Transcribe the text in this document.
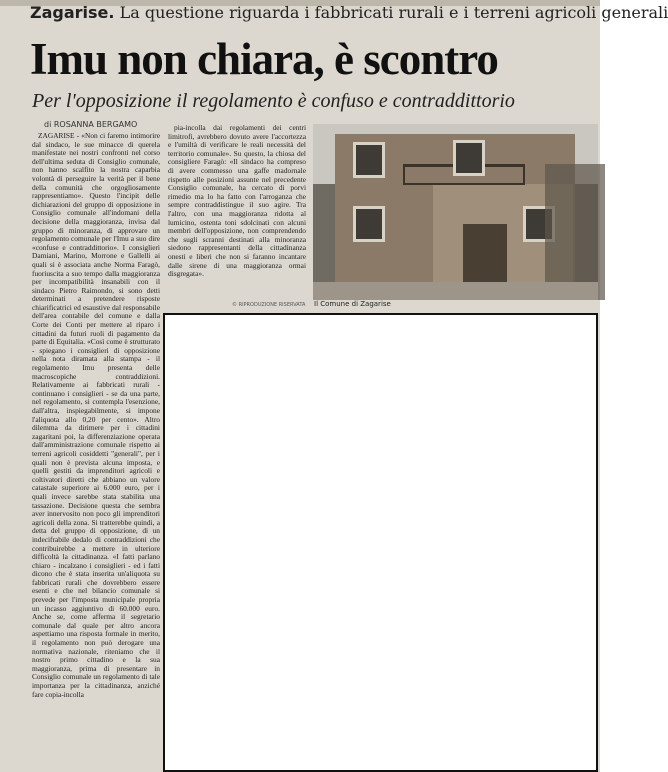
Zagarise. La questione riguarda i fabbricati rurali e i terreni agricoli generali
Imu non chiara, è scontro
Per l'opposizione il regolamento è confuso e contraddittorio
di ROSANNA BERGAMO

ZAGARISE - «Non ci faremo intimorire dal sindaco, le sue minacce di querela manifestate nei nostri confronti nel corso dell'ultima seduta di Consiglio comunale, non hanno scalfito la nostra caparbia volontà di perseguire la verità per il bene della comunità che orgogliosamente rappresentiamo». Questo l'incipit delle dichiarazioni del gruppo di opposizione in Consiglio comunale all'indomani della decisione della maggioranza, invisa dal gruppo di minoranza, di approvare un regolamento comunale per l'Imu a suo dire «confuse e contraddittorio». I consiglieri Damiani, Marino, Morrone e Gallelli ai quali si è associata anche Norma Faragò, fuoriuscita a suo tempo dalla maggioranza per incompatibilità insanabili con il sindaco Pietro Raimondo, si sono detti determinati a pretendere risposte chiarificatrici ed esaustive dal responsabile dell'area contabile del comune e dalla Corte dei Conti per mettere al riparo i cittadini da futuri ruoli di pagamento da parte di Equitalia. «Così come è strutturato - spiegano i consiglieri di opposizione nella nota diramata alla stampa - il regolamento Imu presenta delle macroscopiche contraddizioni. Relativamente ai fabbricati rurali - continuano i consiglieri - se da una parte, nel regolamento, si contempla l'esenzione, dall'altra, inspiegabilmente, si impone l'aliquota allo 0,20 per cento». Altro dilemma da dirimere per i cittadini zagaritani poi, la differenziazione operata dall'amministrazione comunale rispetto ai terreni agricoli cosiddetti "generali", per i quali non è prevista alcuna imposta, e quelli gestiti da imprenditori agricoli e coltivatori diretti che abbiano un valore catastale superiore ai 6.000 euro, per i quali invece sarebbe stata stabilita una tassazione. Decisione questa che sembra aver innervosito non poco gli imprenditori agricoli della zona. Si tratterebbe quindi, a detta del gruppo di opposizione, di un indecifrabile dedalo di contraddizioni che contribuirebbe a mettere in ulteriore difficoltà la cittadinanza. «I fatti parlano chiaro - incalzano i consiglieri - ed i fatti dicono che è stata inserita un'aliquota su fabbricati rurali che dovrebbero essere esenti e che nel bilancio comunale si prevede per l'imposta municipale propria un incasso aggiuntivo di 60.000 euro. Anche se, come afferma il segretario comunale dal quale per altro ancora aspettiamo una risposta formale in merito, il regolamento non può derogare una normativa nazionale, riteniamo che il nostro primo cittadino e la sua maggioranza, prima di presentare in Consiglio comunale un regolamento di tale importanza per la cittadinanza, anziché fare copia-incolla

pia-incolla dai regolamenti dei centri limitrofi, avrebbero dovuto avere l'accortezza e l'umiltà di verificare le reali necessità del territorio comunale». Su questo, la chiosa del consigliere Faragò: «Il sindaco ha compreso di avere commesso una gaffe madornale rispetto alle posizioni assunte nel precedente Consiglio comunale, ha cercato di porvi rimedio ma lo ha fatto con l'arroganza che sempre contraddistingue il suo agire. Tra l'altro, con una maggioranza ridotta al lumicino, ostenta toni sdolcinati con alcuni membri dell'opposizione, non comprendendo che sugli scranni destinati alla minoranza siedono rappresentanti della cittadinanza onesti e liberi che non si faranno incantare dalle sirene di una maggioranza ormai disgregata».

© RIPRODUZIONE RISERVATA Il Comune di Zagarise
